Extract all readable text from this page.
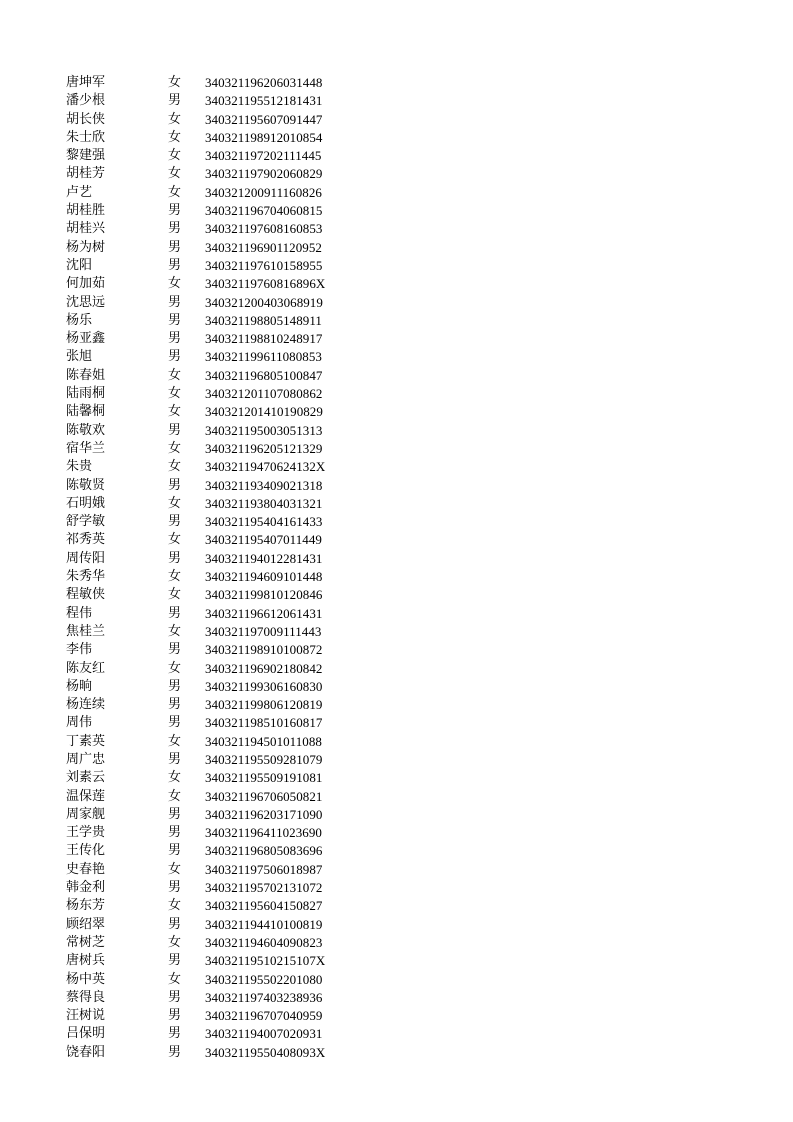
唐坤军	女 340321196206031448
潘少根	男 340321195512181431
胡长侠	女 340321195607091447
朱士欣	女 340321198912010854
黎建强	女 340321197202111445
胡桂芳	女 340321197902060829
卢艺	女 340321200911160826
胡桂胜	男 340321196704060815
胡桂兴	男 340321197608160853
杨为树	男 340321196901120952
沈阳	男 340321197610158955
何加茹	女 34032119760816896X
沈思远	男 340321200403068919
杨乐	男 340321198805148911
杨亚鑫	男 340321198810248917
张旭	男 340321199611080853
陈春姐	女 340321196805100847
陆雨桐	女 340321201107080862
陆馨桐	女 340321201410190829
陈敬欢	男 340321195003051313
宿华兰	女 340321196205121329
朱贵	女 34032119470624132X
陈敬贤	男 340321193409021318
石明娥	女 340321193804031321
舒学敏	男 340321195404161433
祁秀英	女 340321195407011449
周传阳	男 340321194012281431
朱秀华	女 340321194609101448
程敏侠	女 340321199810120846
程伟	男 340321196612061431
焦桂兰	女 340321197009111443
李伟	男 340321198910100872
陈友红	女 340321196902180842
杨晌	男 340321199306160830
杨连续	男 340321199806120819
周伟	男 340321198510160817
丁素英	女 340321194501011088
周广忠	男 340321195509281079
刘素云	女 340321195509191081
温保莲	女 340321196706050821
周家舰	男 340321196203171090
王学贵	男 340321196411023690
王传化	男 340321196805083696
史春艳	女 340321197506018987
韩金利	男 340321195702131072
杨东芳	女 340321195604150827
顾绍翠	男 340321194410100819
常树芝	女 340321194604090823
唐树兵	男 34032119510215107X
杨中英	女 340321195502201080
蔡得良	男 340321197403238936
汪树说	男 340321196707040959
吕保明	男 340321194007020931
饶春阳	男 34032119550408093X
